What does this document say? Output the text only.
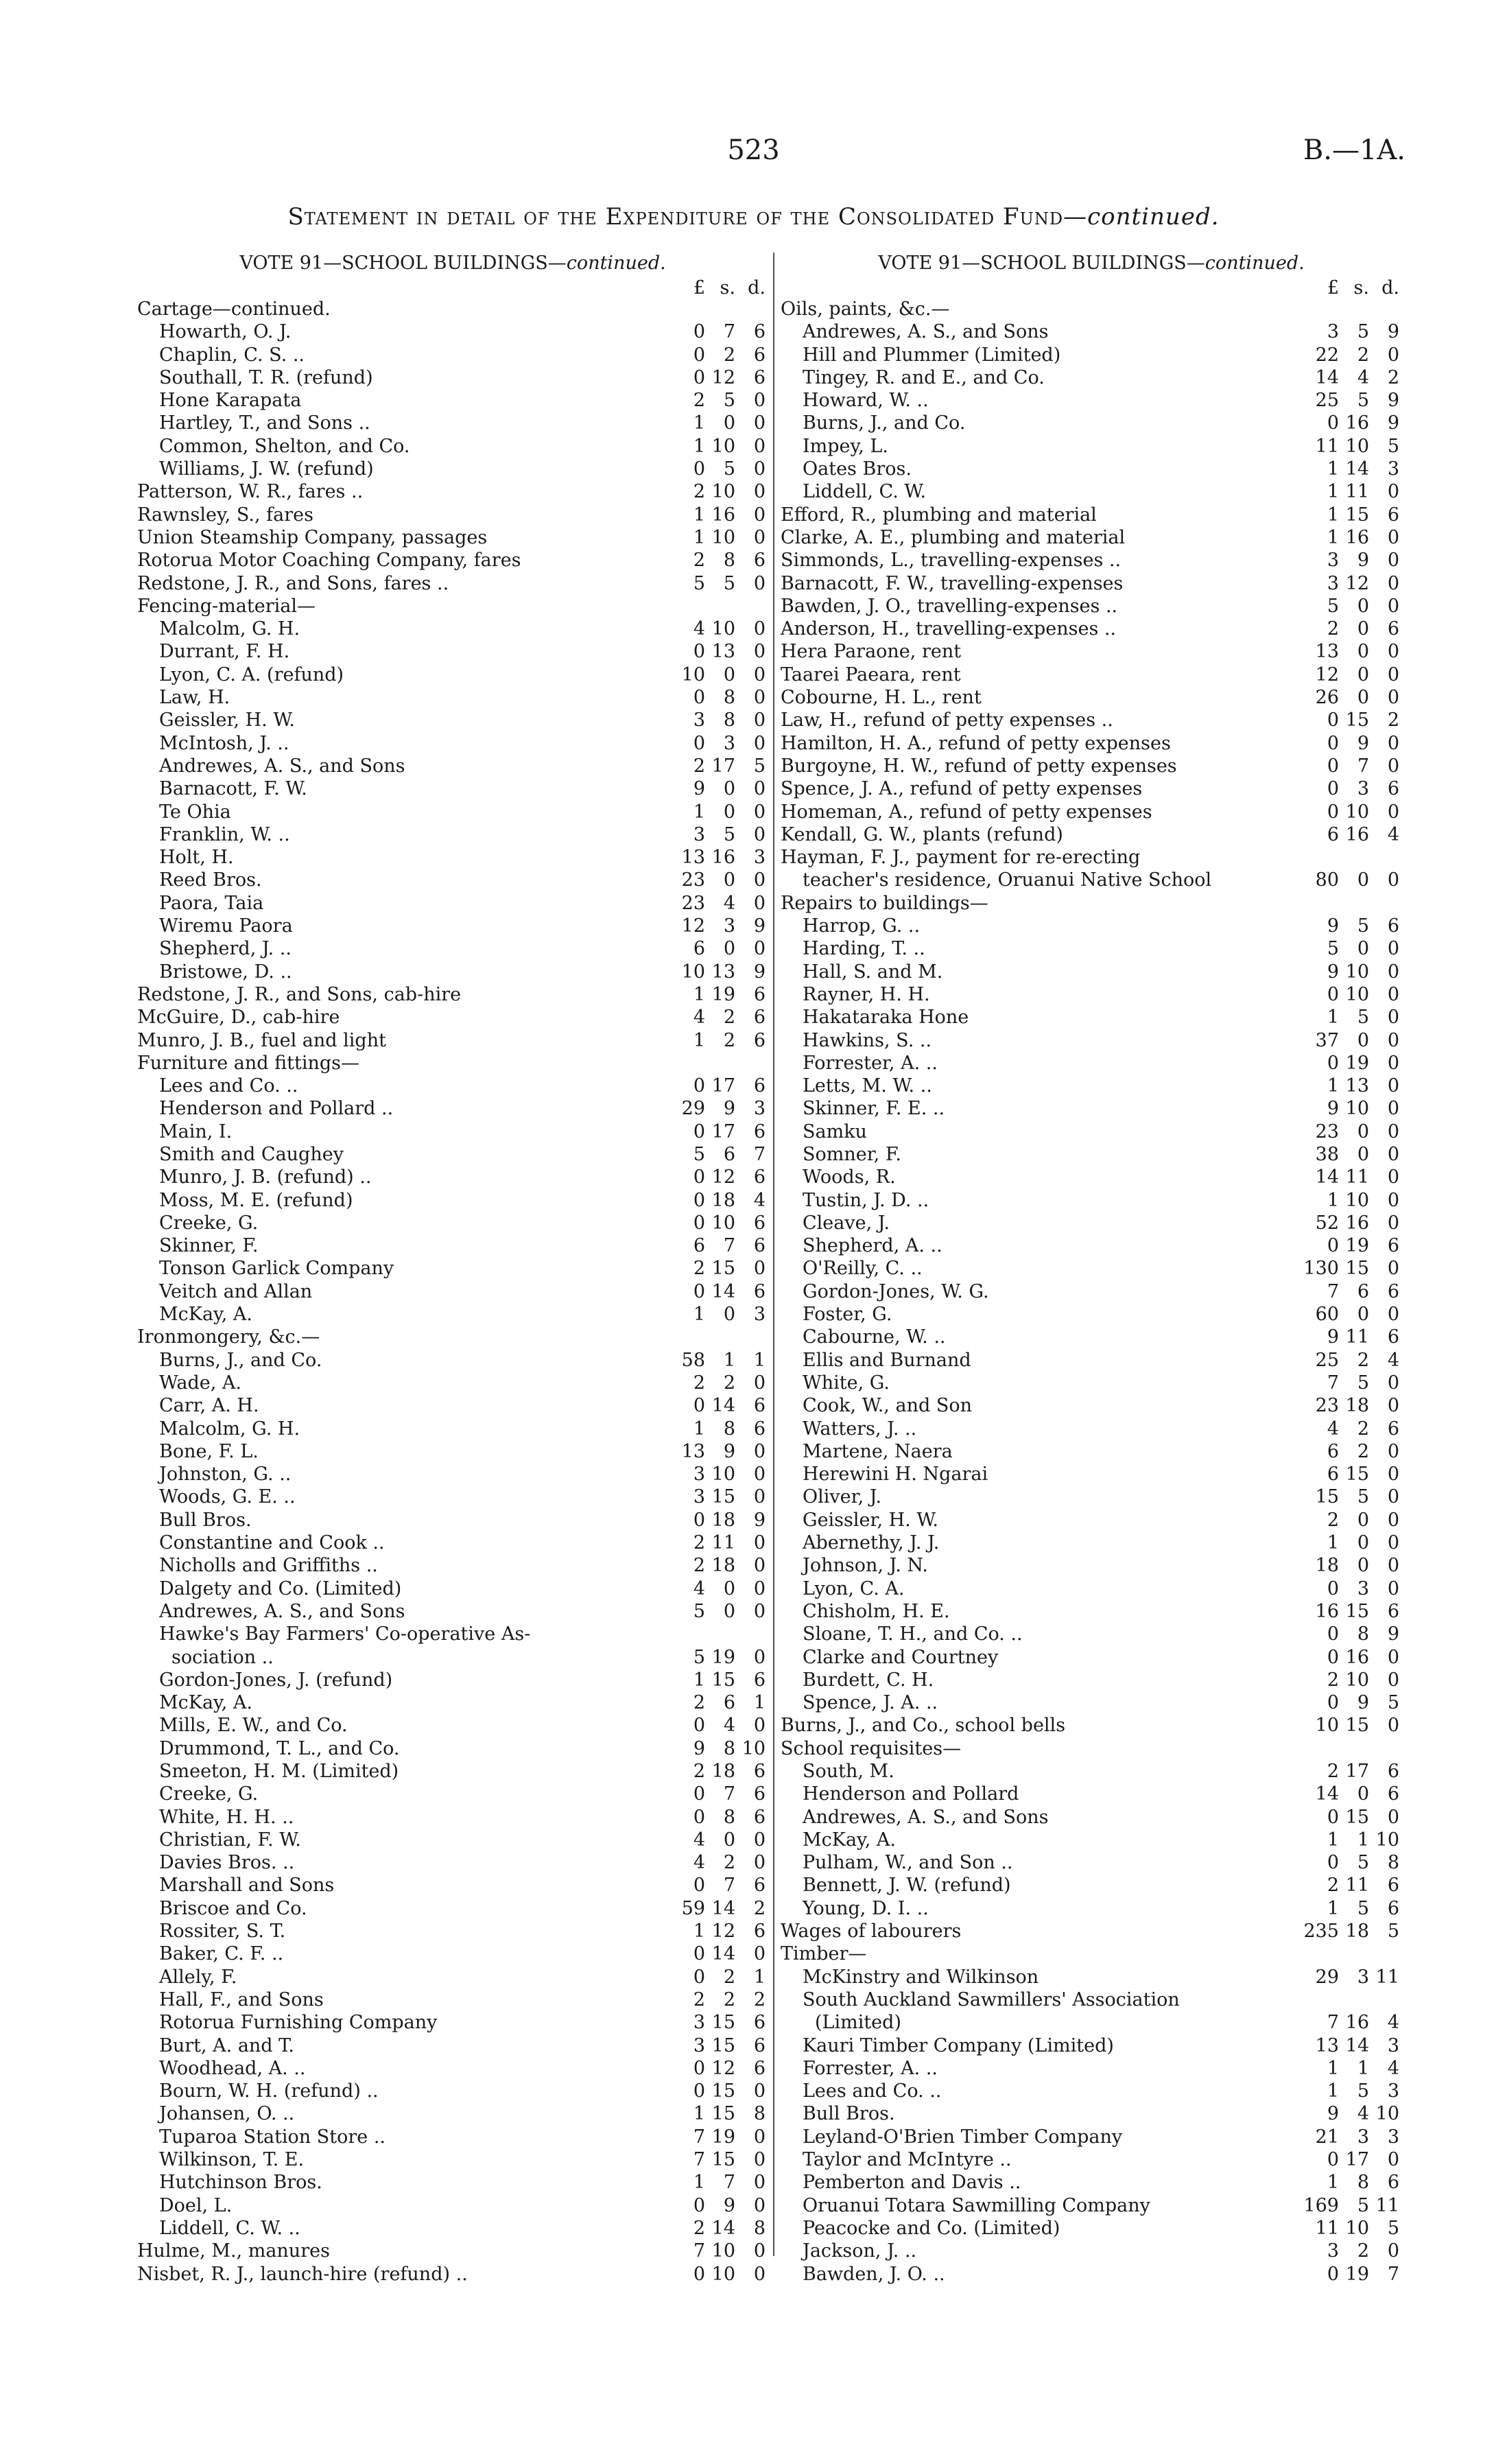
523	B.—1A.
Statement in detail of the Expenditure of the Consolidated Fund—continued.
VOTE 91—SCHOOL BUILDINGS—continued.
£ s. d.
Cartage—continued.
Howarth, O. J.	0 7 6
Chaplin, C. S. ..	0 2 6
Southall, T. R. (refund)	0 12 6
Hone Karapata	2 5 0
Hartley, T., and Sons ..	1 0 0
Common, Shelton, and Co.	1 10 0
Williams, J. W. (refund)	0 5 0
Patterson, W. R., fares ..	2 10 0
Rawnsley, S., fares	1 16 0
Union Steamship Company, passages	1 10 0
Rotorua Motor Coaching Company, fares	2 8 6
Redstone, J. R., and Sons, fares ..	5 5 0
Fencing-material—
Malcolm, G. H.	4 10 0
Durrant, F. H.	0 13 0
Lyon, C. A. (refund)	10 0 0
Law, H.	0 8 0
Geissler, H. W.	3 8 0
McIntosh, J. ..	0 3 0
Andrewes, A. S., and Sons	2 17 5
Barnacott, F. W.	9 0 0
Te Ohia	1 0 0
Franklin, W. ..	3 5 0
Holt, H.	13 16 3
Reed Bros.	23 0 0
Paora, Taia	23 4 0
Wiremu Paora	12 3 9
Shepherd, J. ..	6 0 0
Bristowe, D. ..	10 13 9
Redstone, J. R., and Sons, cab-hire	1 19 6
McGuire, D., cab-hire	4 2 6
Munro, J. B., fuel and light	1 2 6
Furniture and fittings—
Lees and Co. ..	0 17 6
Henderson and Pollard ..	29 9 3
Main, I.	0 17 6
Smith and Caughey	5 6 7
Munro, J. B. (refund) ..	0 12 6
Moss, M. E. (refund)	0 18 4
Creeke, G.	0 10 6
Skinner, F.	6 7 6
Tonson Garlick Company	2 15 0
Veitch and Allan	0 14 6
McKay, A.	1 0 3
Ironmongery, &c.—
Burns, J., and Co.	58 1 1
Wade, A.	2 2 0
Carr, A. H.	0 14 6
Malcolm, G. H.	1 8 6
Bone, F. L.	13 9 0
Johnston, G. ..	3 10 0
Woods, G. E. ..	3 15 0
Bull Bros.	0 18 9
Constantine and Cook ..	2 11 0
Nicholls and Griffiths ..	2 18 0
Dalgety and Co. (Limited)	4 0 0
Andrewes, A. S., and Sons	5 0 0
Hawke's Bay Farmers' Co-operative As-
sociation ..	5 19 0
Gordon-Jones, J. (refund)	1 15 6
McKay, A.	2 6 1
Mills, E. W., and Co.	0 4 0
Drummond, T. L., and Co.	9 8 10
Smeeton, H. M. (Limited)	2 18 6
Creeke, G.	0 7 6
White, H. H. ..	0 8 6
Christian, F. W.	4 0 0
Davies Bros. ..	4 2 0
Marshall and Sons	0 7 6
Briscoe and Co.	59 14 2
Rossiter, S. T.	1 12 6
Baker, C. F. ..	0 14 0
Allely, F.	0 2 1
Hall, F., and Sons	2 2 2
Rotorua Furnishing Company	3 15 6
Burt, A. and T.	3 15 6
Woodhead, A. ..	0 12 6
Bourn, W. H. (refund) ..	0 15 0
Johansen, O. ..	1 15 8
Tuparoa Station Store ..	7 19 0
Wilkinson, T. E.	7 15 0
Hutchinson Bros.	1 7 0
Doel, L.	0 9 0
Liddell, C. W. ..	2 14 8
Hulme, M., manures	7 10 0
Nisbet, R. J., launch-hire (refund) ..	0 10 0
VOTE 91—SCHOOL BUILDINGS—continued.
£ s. d.
Oils, paints, &c.—
Andrewes, A. S., and Sons	3 5 9
Hill and Plummer (Limited)	22 2 0
Tingey, R. and E., and Co.	14 4 2
Howard, W. ..	25 5 9
Burns, J., and Co.	0 16 9
Impey, L.	11 10 5
Oates Bros.	1 14 3
Liddell, C. W.	1 11 0
Efford, R., plumbing and material	1 15 6
Clarke, A. E., plumbing and material	1 16 0
Simmonds, L., travelling-expenses ..	3 9 0
Barnacott, F. W., travelling-expenses	3 12 0
Bawden, J. O., travelling-expenses ..	5 0 0
Anderson, H., travelling-expenses ..	2 0 6
Hera Paraone, rent	13 0 0
Taarei Paeara, rent	12 0 0
Cobourne, H. L., rent	26 0 0
Law, H., refund of petty expenses ..	0 15 2
Hamilton, H. A., refund of petty expenses	0 9 0
Burgoyne, H. W., refund of petty expenses	0 7 0
Spence, J. A., refund of petty expenses	0 3 6
Homeman, A., refund of petty expenses	0 10 0
Kendall, G. W., plants (refund)	6 16 4
Hayman, F. J., payment for re-erecting
teacher's residence, Oruanui Native School	80 0 0
Repairs to buildings—
Harrop, G. ..	9 5 6
Harding, T. ..	5 0 0
Hall, S. and M.	9 10 0
Rayner, H. H.	0 10 0
Hakataraka Hone	1 5 0
Hawkins, S. ..	37 0 0
Forrester, A. ..	0 19 0
Letts, M. W. ..	1 13 0
Skinner, F. E. ..	9 10 0
Samku	23 0 0
Somner, F.	38 0 0
Woods, R.	14 11 0
Tustin, J. D. ..	1 10 0
Cleave, J.	52 16 0
Shepherd, A. ..	0 19 6
O'Reilly, C. ..	130 15 0
Gordon-Jones, W. G.	7 6 6
Foster, G.	60 0 0
Cabourne, W. ..	9 11 6
Ellis and Burnand	25 2 4
White, G.	7 5 0
Cook, W., and Son	23 18 0
Watters, J. ..	4 2 6
Martene, Naera	6 2 0
Herewini H. Ngarai	6 15 0
Oliver, J.	15 5 0
Geissler, H. W.	2 0 0
Abernethy, J. J.	1 0 0
Johnson, J. N.	18 0 0
Lyon, C. A.	0 3 0
Chisholm, H. E.	16 15 6
Sloane, T. H., and Co. ..	0 8 9
Clarke and Courtney	0 16 0
Burdett, C. H.	2 10 0
Spence, J. A. ..	0 9 5
Burns, J., and Co., school bells	10 15 0
School requisites—
South, M.	2 17 6
Henderson and Pollard	14 0 6
Andrewes, A. S., and Sons	0 15 0
McKay, A.	1 1 10
Pulham, W., and Son ..	0 5 8
Bennett, J. W. (refund)	2 11 6
Young, D. I. ..	1 5 6
Wages of labourers	235 18 5
Timber—
McKinstry and Wilkinson	29 3 11
South Auckland Sawmillers' Association
(Limited)	7 16 4
Kauri Timber Company (Limited)	13 14 3
Forrester, A. ..	1 1 4
Lees and Co. ..	1 5 3
Bull Bros.	9 4 10
Leyland-O'Brien Timber Company	21 3 3
Taylor and McIntyre ..	0 17 0
Pemberton and Davis ..	1 8 6
Oruanui Totara Sawmilling Company	169 5 11
Peacocke and Co. (Limited)	11 10 5
Jackson, J. ..	3 2 0
Bawden, J. O. ..	0 19 7
